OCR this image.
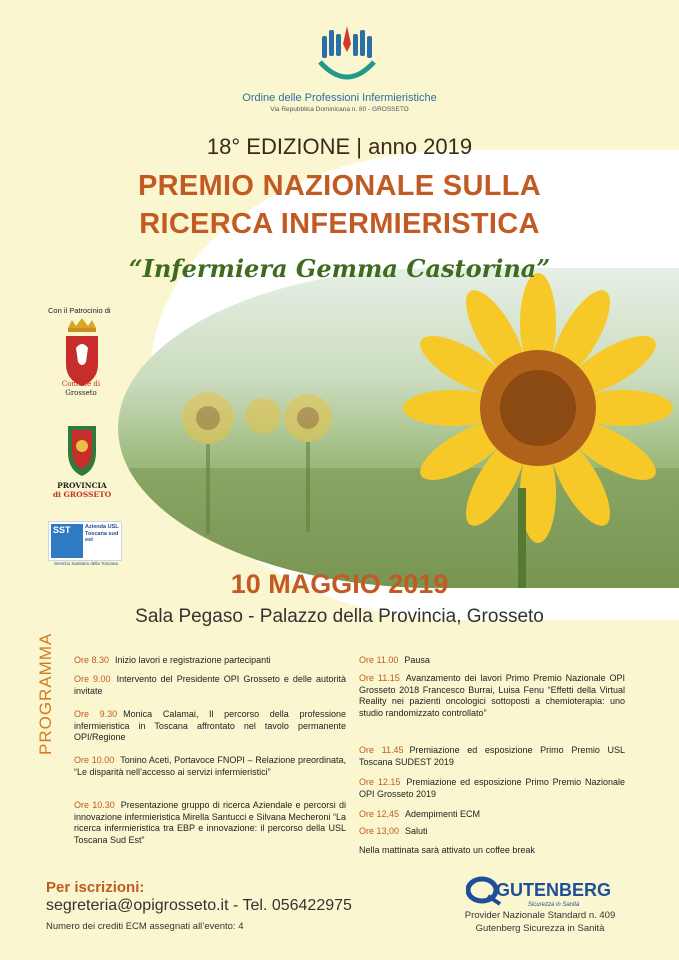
Ordine delle Professioni Infermieristiche
Via Repubblica Dominicana n. 80 - GROSSETO
18° EDIZIONE | anno 2019
PREMIO NAZIONALE SULLA
RICERCA INFERMIERISTICA
“Infermiera Gemma Castorina”
Con il Patrocinio di
Comune di
Grosseto
PROVINCIA
di GROSSETO
SST	Azienda USL Toscana sud est
Servizio Sanitario della Toscana
10 MAGGIO 2019
Sala Pegaso - Palazzo della Provincia, Grosseto
PROGRAMMA Ore 8.30 Inizio lavori e registrazione partecipanti
Ore 9.00 Intervento del Presidente OPI Grosseto e delle autorità invitate
Ore 9.30 Monica Calamai, Il percorso della professione infermieristica in Toscana affrontato nel tavolo permanente OPI/Regione
Ore 10.00 Tonino Aceti, Portavoce FNOPI – Relazione preordinata, “Le disparità nell’accesso ai servizi infermieristici”
Ore 10.30 Presentazione gruppo di ricerca Aziendale e percorsi di innovazione infermieristica Mirella Santucci e Silvana Mecheroni “La ricerca infermieristica tra EBP e innovazione: il percorso della USL Toscana Sud Est”
Ore 11.00 Pausa
Ore 11.15 Avanzamento dei lavori Primo Premio Nazionale OPI Grosseto 2018 Francesco Burrai, Luisa Fenu “Effetti della Virtual Reality nei pazienti oncologici sottoposti a chemioterapia: uno studio randomizzato controllato”
Ore 11.45 Premiazione ed esposizione Primo Premio USL Toscana SUDEST 2019
Ore 12.15 Premiazione ed esposizione Primo Premio Nazionale OPI Grosseto 2019
Ore 12,45 Adempimenti ECM
Ore 13,00 Saluti
Nella mattinata sarà attivato un coffee break
Per iscrizioni:
segreteria@opigrosseto.it - Tel. 056422975
Numero dei crediti ECM assegnati all’evento: 4
GUTENBERG
Sicurezza in Sanità
Provider Nazionale Standard n. 409
Gutenberg Sicurezza in Sanità
